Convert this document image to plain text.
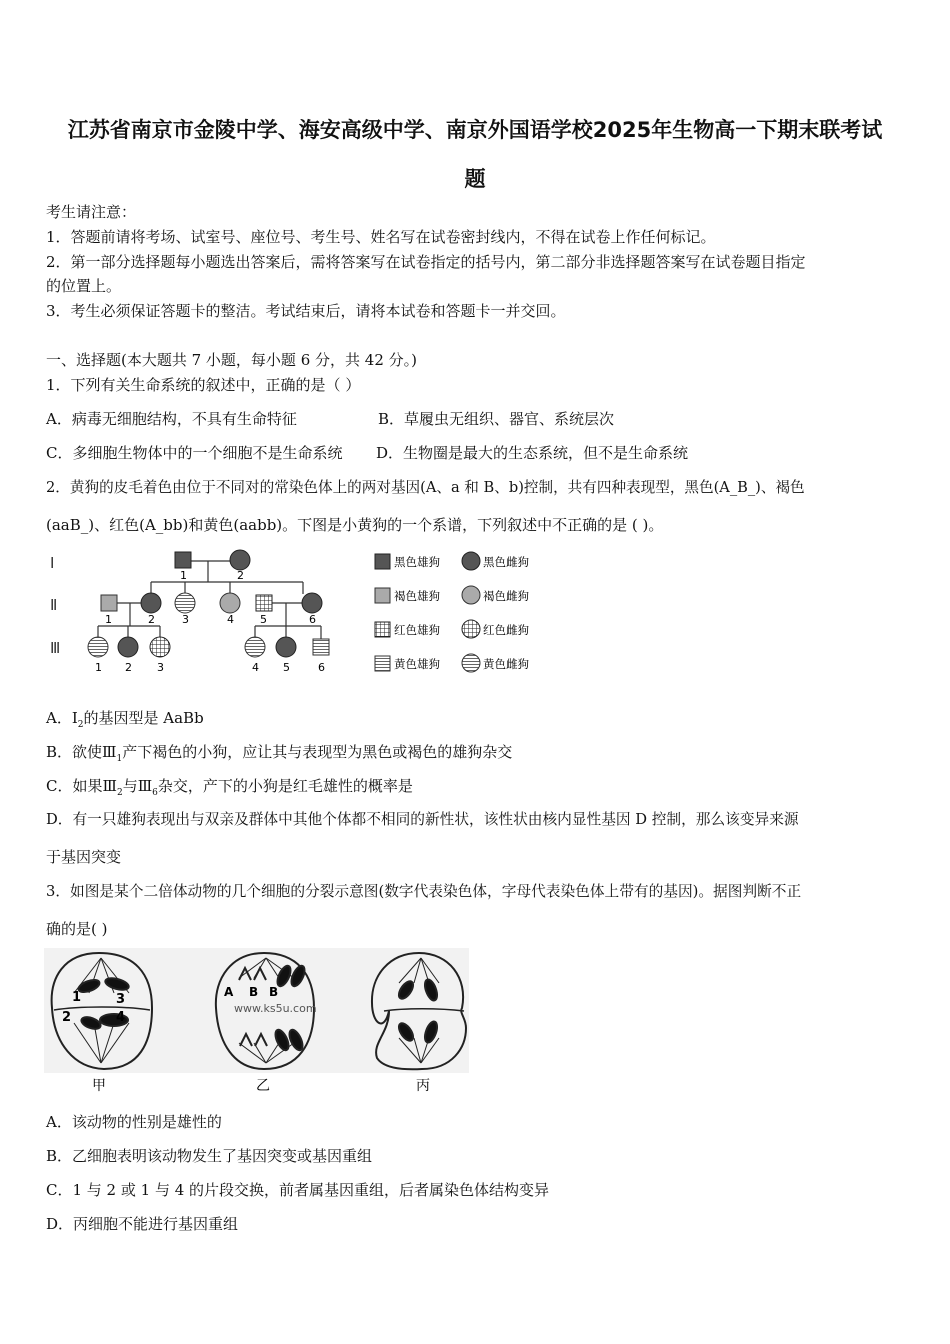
江苏省南京市金陵中学、海安高级中学、南京外国语学校2025年生物高一下期末联考试
题
考生请注意：
1．答题前请将考场、试室号、座位号、考生号、姓名写在试卷密封线内，不得在试卷上作任何标记。
2．第一部分选择题每小题选出答案后，需将答案写在试卷指定的括号内，第二部分非选择题答案写在试卷题目指定
的位置上。
3．考生必须保证答题卡的整洁。考试结束后，请将本试卷和答题卡一并交回。
一、选择题(本大题共 7 小题，每小题 6 分，共 42 分。)
1．下列有关生命系统的叙述中，正确的是（ ）
A．病毒无细胞结构，不具有生命特征	B．草履虫无组织、器官、系统层次
C．多细胞生物体中的一个细胞不是生命系统 D．生物圈是最大的生态系统，但不是生命系统
2．黄狗的皮毛着色由位于不同对的常染色体上的两对基因(A、a 和 B、b)控制，共有四种表现型，黑色(A_B_)、褐色
(aaB_)、红色(A_bb)和黄色(aabb)。下图是小黄狗的一个系谱，下列叙述中不正确的是 ( )。
Ⅰ
Ⅱ
Ⅲ
1	2
1	2 3	4 5	6
1 2 3	4 5	6
黑色雄狗	黑色雌狗
褐色雄狗	褐色雌狗
红色雄狗	红色雌狗
黄色雄狗	黄色雌狗
A．$Ⅰ_2$的基因型是 AaBb
B．欲使$Ⅲ_1$产下褐色的小狗，应让其与表现型为黑色或褐色的雄狗杂交
C．如果$Ⅲ_2$与$Ⅲ_6$杂交，产下的小狗是红毛雄性的概率是
D．有一只雄狗表现出与双亲及群体中其他个体都不相同的新性状，该性状由核内显性基因 D 控制，那么该变异来源
于基因突变
3．如图是某个二倍体动物的几个细胞的分裂示意图(数字代表染色体，字母代表染色体上带有的基因)。据图判断不正
确的是( )
1	3
2	4
A B B
www.ks5u.com
甲	乙	丙
A．该动物的性别是雄性的
B．乙细胞表明该动物发生了基因突变或基因重组
C．1 与 2 或 1 与 4 的片段交换，前者属基因重组，后者属染色体结构变异
D．丙细胞不能进行基因重组
